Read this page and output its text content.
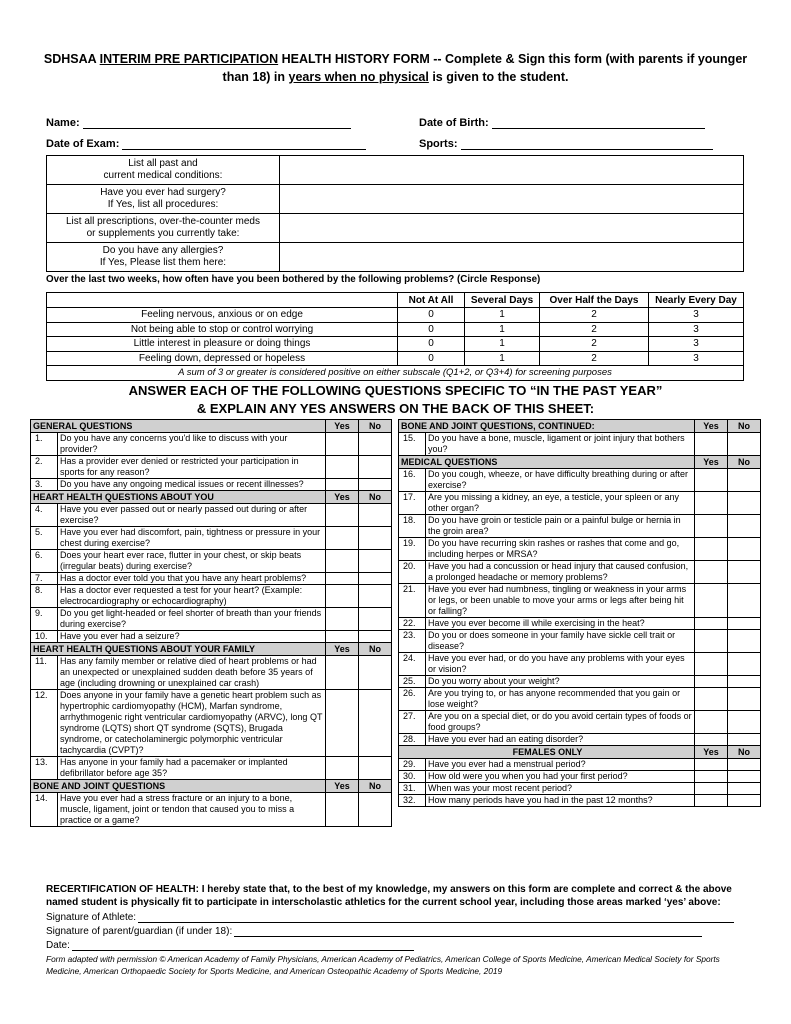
SDHSAA INTERIM PRE PARTICIPATION HEALTH HISTORY FORM -- Complete & Sign this form (with parents if younger than 18) in years when no physical is given to the student.
Name:	Date of Birth:
Date of Exam:	Sports:
List all past and
current medical conditions:	
Have you ever had surgery?
If Yes, list all procedures:	
List all prescriptions, over-the-counter meds
or supplements you currently take:	
Do you have any allergies?
If Yes, Please list them here:	
Over the last two weeks, how often have you been bothered by the following problems? (Circle Response)
	Not At All	Several Days	Over Half the Days	Nearly Every Day
Feeling nervous, anxious or on edge	0	1	2	3
Not being able to stop or control worrying	0	1	2	3
Little interest in pleasure or doing things	0	1	2	3
Feeling down, depressed or hopeless	0	1	2	3
A sum of 3 or greater is considered positive on either subscale (Q1+2, or Q3+4) for screening purposes				
ANSWER EACH OF THE FOLLOWING QUESTIONS SPECIFIC TO “IN THE PAST YEAR”
& EXPLAIN ANY YES ANSWERS ON THE BACK OF THIS SHEET:
GENERAL QUESTIONS		Yes	No
1.	Do you have any concerns you'd like to discuss with your provider?		
2.	Has a provider ever denied or restricted your participation in sports for any reason?		
3.	Do you have any ongoing medical issues or recent illnesses?		
HEART HEALTH QUESTIONS ABOUT YOU		Yes	No
4.	Have you ever passed out or nearly passed out during or after exercise?		
5.	Have you ever had discomfort, pain, tightness or pressure in your chest during exercise?		
6.	Does your heart ever race, flutter in your chest, or skip beats (irregular beats) during exercise?		
7.	Has a doctor ever told you that you have any heart problems?		
8.	Has a doctor ever requested a test for your heart? (Example: electrocardiography or echocardiography)		
9.	Do you get light-headed or feel shorter of breath than your friends during exercise?		
10.	Have you ever had a seizure?		
HEART HEALTH QUESTIONS ABOUT YOUR FAMILY		Yes	No
11.	Has any family member or relative died of heart problems or had an unexpected or unexplained sudden death before 35 years of age (including drowning or unexplained car crash)		
12.	Does anyone in your family have a genetic heart problem such as hypertrophic cardiomyopathy (HCM), Marfan syndrome, arrhythmogenic right ventricular cardiomyopathy (ARVC), long QT syndrome (LQTS) short QT syndrome (SQTS), Brugada syndrome, or catecholaminergic polymorphic ventricular tachycardia (CVPT)?		
13.	Has anyone in your family had a pacemaker or implanted defibrillator before age 35?		
BONE AND JOINT QUESTIONS		Yes	No
14.	Have you ever had a stress fracture or an injury to a bone, muscle, ligament, joint or tendon that caused you to miss a practice or a game?		
BONE AND JOINT QUESTIONS, CONTINUED:		Yes	No
15.	Do you have a bone, muscle, ligament or joint injury that bothers you?		
MEDICAL QUESTIONS		Yes	No
16.	Do you cough, wheeze, or have difficulty breathing during or after exercise?		
17.	Are you missing a kidney, an eye, a testicle, your spleen or any other organ?		
18.	Do you have groin or testicle pain or a painful bulge or hernia in the groin area?		
19.	Do you have recurring skin rashes or rashes that come and go, including herpes or MRSA?		
20.	Have you had a concussion or head injury that caused confusion, a prolonged headache or memory problems?		
21.	Have you ever had numbness, tingling or weakness in your arms or legs, or been unable to move your arms or legs after being hit or falling?		
22.	Have you ever become ill while exercising in the heat?		
23.	Do you or does someone in your family have sickle cell trait or disease?		
24.	Have you ever had, or do you have any problems with your eyes or vision?		
25.	Do you worry about your weight?		
26.	Are you trying to, or has anyone recommended that you gain or lose weight?		
27.	Are you on a special diet, or do you avoid certain types of foods or food groups?		
28.	Have you ever had an eating disorder?		
FEMALES ONLY		Yes	No
29.	Have you ever had a menstrual period?		
30.	How old were you when you had your first period?		
31.	When was your most recent period?		
32.	How many periods have you had in the past 12 months?		
RECERTIFICATION OF HEALTH: I hereby state that, to the best of my knowledge, my answers on this form are complete and correct & the above named student is physically fit to participate in interscholastic athletics for the current school year, including those areas marked ‘yes’ above:
Signature of Athlete:
Signature of parent/guardian (if under 18):
Date:
Form adapted with permission © American Academy of Family Physicians, American Academy of Pediatrics, American College of Sports Medicine, American Medical Society for Sports Medicine, American Orthopaedic Society for Sports Medicine, and American Osteopathic Academy of Sports Medicine, 2019
